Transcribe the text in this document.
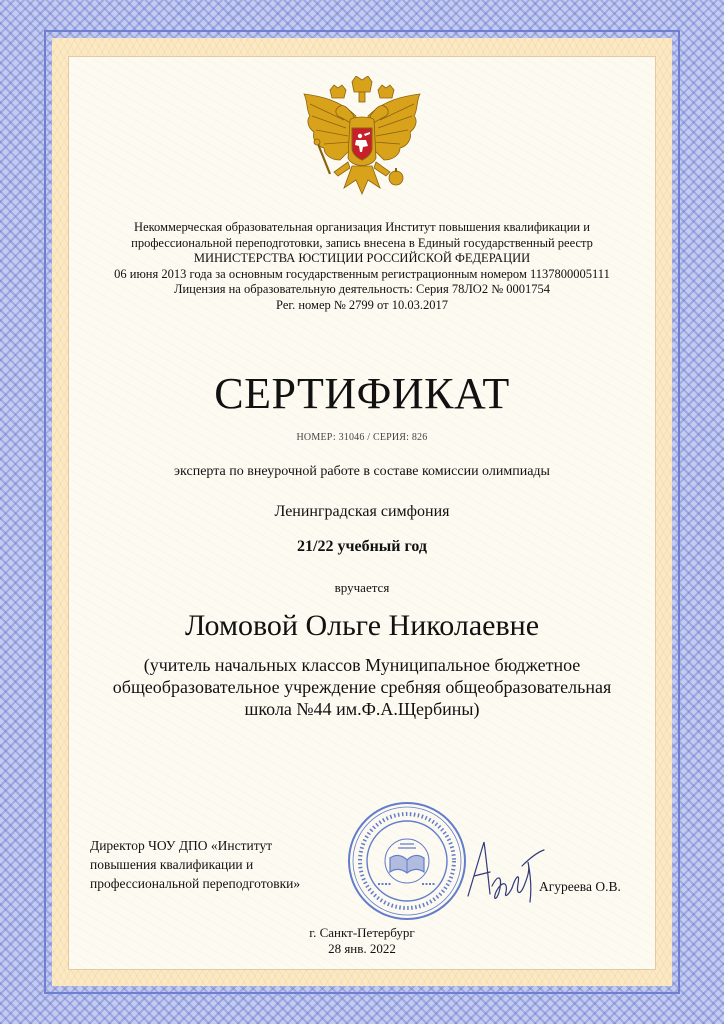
Некоммерческая образовательная организация Институт повышения квалификации и
профессиональной переподготовки, запись внесена в Единый государственный реестр
МИНИСТЕРСТВА ЮСТИЦИИ РОССИЙСКОЙ ФЕДЕРАЦИИ
06 июня 2013 года за основным государственным регистрационным номером 1137800005111
Лицензия на образовательную деятельность: Серия 78ЛО2 № 0001754
Рег. номер № 2799 от 10.03.2017
СЕРТИФИКАТ
НОМЕР: 31046 / СЕРИЯ: 826
эксперта по внеурочной работе в составе комиссии олимпиады
Ленинградская симфония
21/22 учебный год
вручается
Ломовой Ольге Николаевне
(учитель начальных классов Муниципальное бюджетное
общеобразовательное учреждение сребняя общеобразовательная
школа №44 им.Ф.А.Щербины)
Директор ЧОУ ДПО «Институт
повышения квалификации и
профессиональной переподготовки»	Агуреева О.В.
г. Санкт-Петербург
28 янв. 2022
